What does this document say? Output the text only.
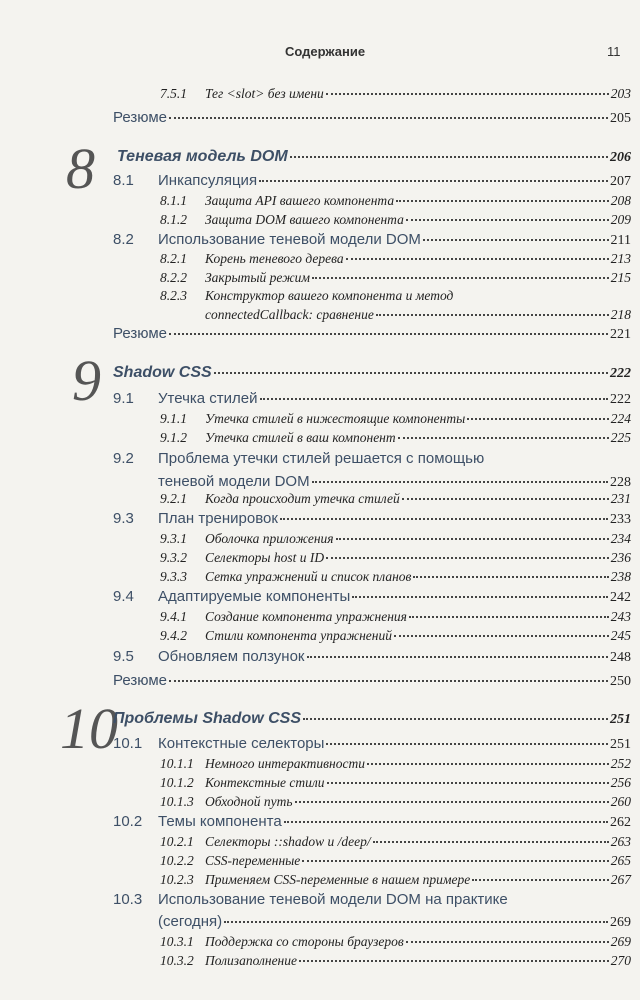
Содержание	11
8
9
10
7.5.1	Тег <slot> без имени	203
Резюме	205
Теневая модель DOM	206
8.1	Инкапсуляция	207
8.1.1	Защита API вашего компонента	208
8.1.2	Защита DOM вашего компонента	209
8.2	Использование теневой модели DOM	211
8.2.1	Корень теневого дерева	213
8.2.2	Закрытый режим	215
8.2.3 Конструктор вашего компонента и метод
connectedCallback: сравнение	218
Резюме	221
Shadow CSS	222
9.1	Утечка стилей	222
9.1.1	Утечка стилей в нижестоящие компоненты	224
9.1.2	Утечка стилей в ваш компонент	225
9.2 Проблема утечки стилей решается с помощью
теневой модели DOM	228
9.2.1	Когда происходит утечка стилей	231
9.3	План тренировок	233
9.3.1	Оболочка приложения	234
9.3.2	Селекторы host и ID	236
9.3.3	Сетка упражнений и список планов	238
9.4	Адаптируемые компоненты	242
9.4.1	Создание компонента упражнения	243
9.4.2	Стили компонента упражнений	245
9.5	Обновляем ползунок	248
Резюме	250
Проблемы Shadow CSS	251
10.1	Контекстные селекторы	251
10.1.1 Немного интерактивности	252
10.1.2 Контекстные стили	256
10.1.3 Обходной путь	260
10.2	Темы компонента	262
10.2.1 Селекторы ::shadow и /deep/	263
10.2.2 CSS-переменные	265
10.2.3 Применяем CSS-переменные в нашем примере	267
10.3 Использование теневой модели DOM на практике
(сегодня)	269
10.3.1 Поддержка со стороны браузеров	269
10.3.2 Полизаполнение	270
